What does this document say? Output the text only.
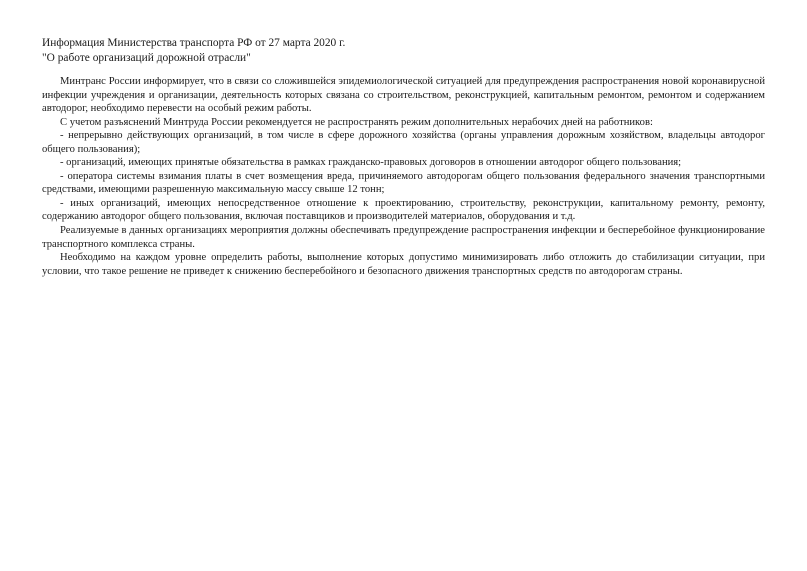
Информация Министерства транспорта РФ от 27 марта 2020 г.

"О работе организаций дорожной отрасли"

Минтранс России информирует, что в связи со сложившейся эпидемиологической ситуацией для предупреждения распространения новой коронавирусной инфекции учреждения и организации, деятельность которых связана со строительством, реконструкцией, капитальным ремонтом, ремонтом и содержанием автодорог, необходимо перевести на особый режим работы.

С учетом разъяснений Минтруда России рекомендуется не распространять режим дополнительных нерабочих дней на работников:

- непрерывно действующих организаций, в том числе в сфере дорожного хозяйства (органы управления дорожным хозяйством, владельцы автодорог общего пользования);

- организаций, имеющих принятые обязательства в рамках гражданско-правовых договоров в отношении автодорог общего пользования;

- оператора системы взимания платы в счет возмещения вреда, причиняемого автодорогам общего пользования федерального значения транспортными средствами, имеющими разрешенную максимальную массу свыше 12 тонн;

- иных организаций, имеющих непосредственное отношение к проектированию, строительству, реконструкции, капитальному ремонту, ремонту, содержанию автодорог общего пользования, включая поставщиков и производителей материалов, оборудования и т.д.

Реализуемые в данных организациях мероприятия должны обеспечивать предупреждение распространения инфекции и бесперебойное функционирование транспортного комплекса страны.

Необходимо на каждом уровне определить работы, выполнение которых допустимо минимизировать либо отложить до стабилизации ситуации, при условии, что такое решение не приведет к снижению бесперебойного и безопасного движения транспортных средств по автодорогам страны.
